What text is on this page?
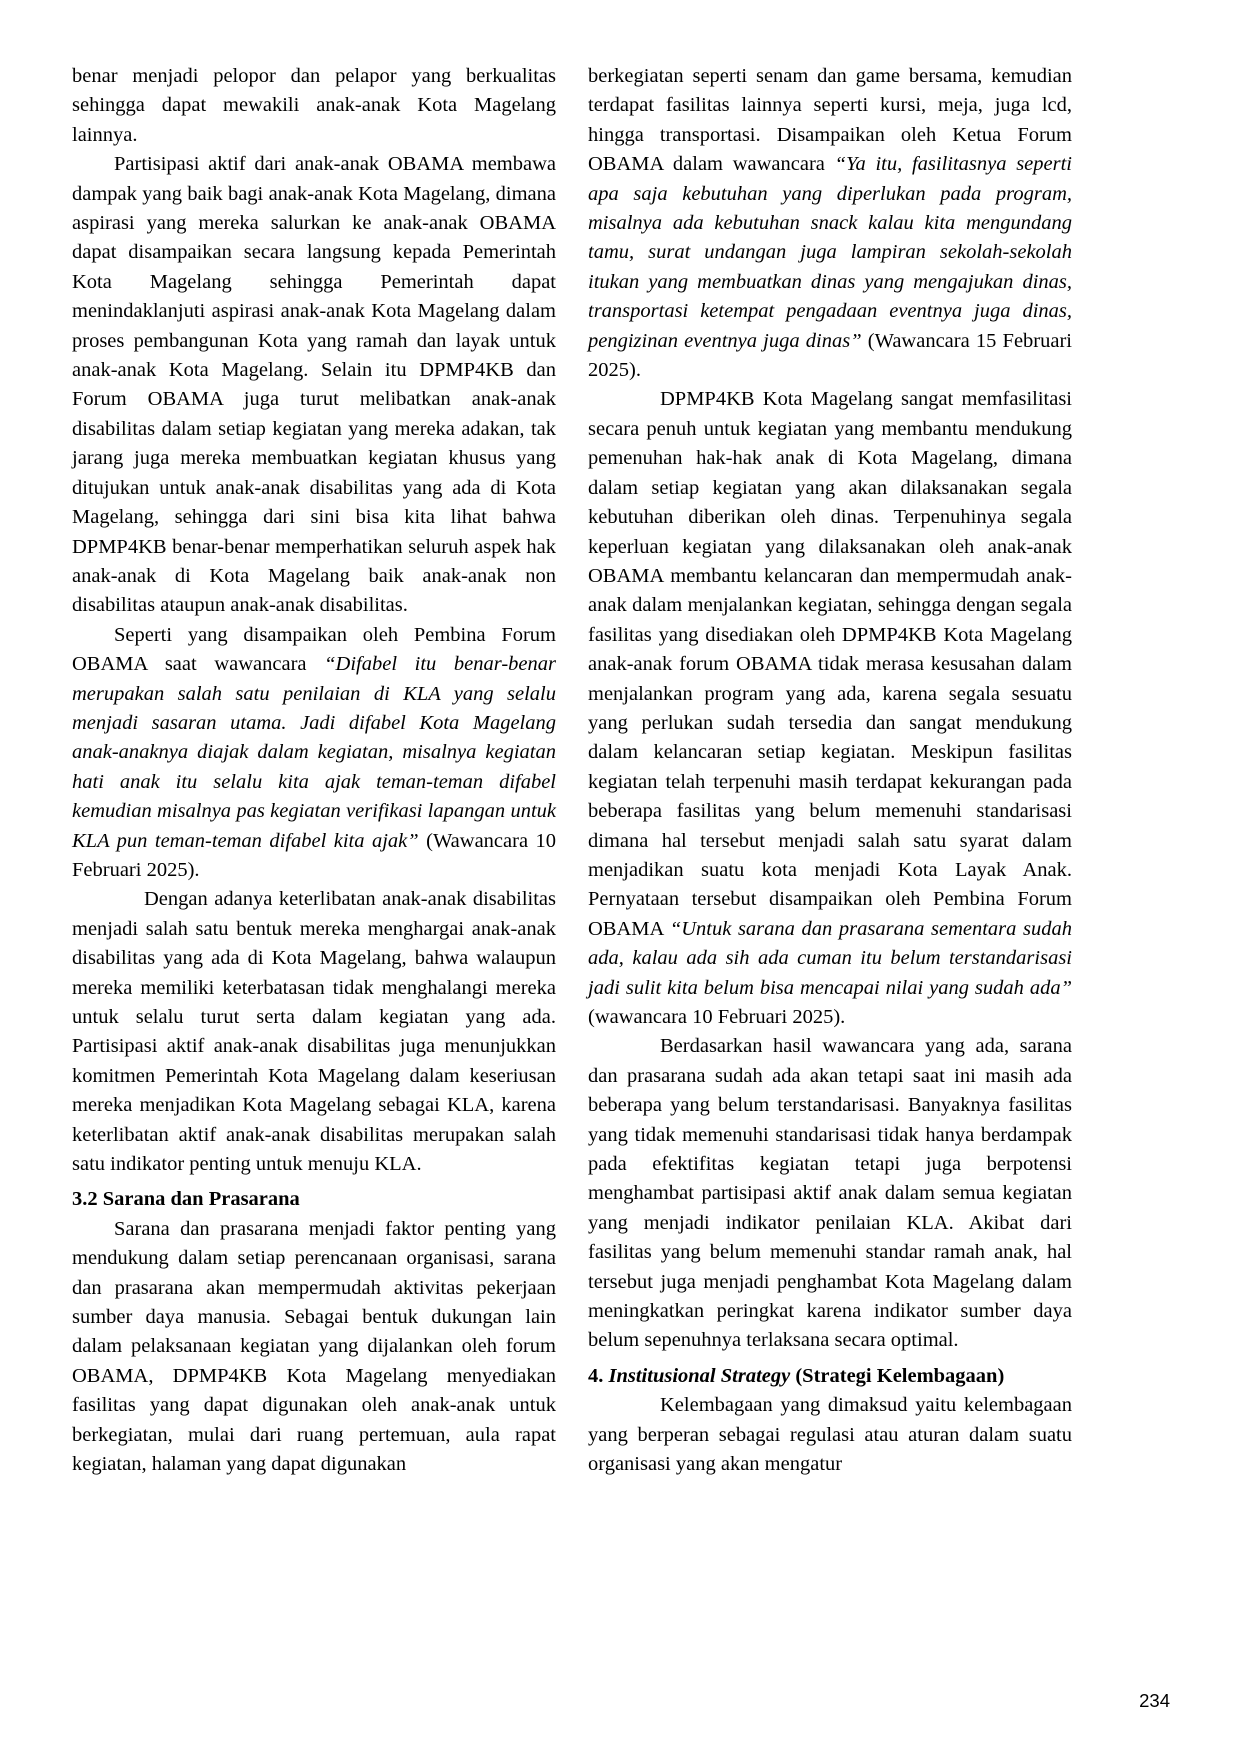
benar menjadi pelopor dan pelapor yang berkualitas sehingga dapat mewakili anak-anak Kota Magelang lainnya.

Partisipasi aktif dari anak-anak OBAMA membawa dampak yang baik bagi anak-anak Kota Magelang, dimana aspirasi yang mereka salurkan ke anak-anak OBAMA dapat disampaikan secara langsung kepada Pemerintah Kota Magelang sehingga Pemerintah dapat menindaklanjuti aspirasi anak-anak Kota Magelang dalam proses pembangunan Kota yang ramah dan layak untuk anak-anak Kota Magelang. Selain itu DPMP4KB dan Forum OBAMA juga turut melibatkan anak-anak disabilitas dalam setiap kegiatan yang mereka adakan, tak jarang juga mereka membuatkan kegiatan khusus yang ditujukan untuk anak-anak disabilitas yang ada di Kota Magelang, sehingga dari sini bisa kita lihat bahwa DPMP4KB benar-benar memperhatikan seluruh aspek hak anak-anak di Kota Magelang baik anak-anak non disabilitas ataupun anak-anak disabilitas.

Seperti yang disampaikan oleh Pembina Forum OBAMA saat wawancara “Difabel itu benar-benar merupakan salah satu penilaian di KLA yang selalu menjadi sasaran utama. Jadi difabel Kota Magelang anak-anaknya diajak dalam kegiatan, misalnya kegiatan hati anak itu selalu kita ajak teman-teman difabel kemudian misalnya pas kegiatan verifikasi lapangan untuk KLA pun teman-teman difabel kita ajak” (Wawancara 10 Februari 2025).

Dengan adanya keterlibatan anak-anak disabilitas menjadi salah satu bentuk mereka menghargai anak-anak disabilitas yang ada di Kota Magelang, bahwa walaupun mereka memiliki keterbatasan tidak menghalangi mereka untuk selalu turut serta dalam kegiatan yang ada. Partisipasi aktif anak-anak disabilitas juga menunjukkan komitmen Pemerintah Kota Magelang dalam keseriusan mereka menjadikan Kota Magelang sebagai KLA, karena keterlibatan aktif anak-anak disabilitas merupakan salah satu indikator penting untuk menuju KLA.

3.2 Sarana dan Prasarana

Sarana dan prasarana menjadi faktor penting yang mendukung dalam setiap perencanaan organisasi, sarana dan prasarana akan mempermudah aktivitas pekerjaan sumber daya manusia. Sebagai bentuk dukungan lain dalam pelaksanaan kegiatan yang dijalankan oleh forum OBAMA, DPMP4KB Kota Magelang menyediakan fasilitas yang dapat digunakan oleh anak-anak untuk berkegiatan, mulai dari ruang pertemuan, aula rapat kegiatan, halaman yang dapat digunakan

berkegiatan seperti senam dan game bersama, kemudian terdapat fasilitas lainnya seperti kursi, meja, juga lcd, hingga transportasi. Disampaikan oleh Ketua Forum OBAMA dalam wawancara “Ya itu, fasilitasnya seperti apa saja kebutuhan yang diperlukan pada program, misalnya ada kebutuhan snack kalau kita mengundang tamu, surat undangan juga lampiran sekolah-sekolah itukan yang membuatkan dinas yang mengajukan dinas, transportasi ketempat pengadaan eventnya juga dinas, pengizinan eventnya juga dinas” (Wawancara 15 Februari 2025).

DPMP4KB Kota Magelang sangat memfasilitasi secara penuh untuk kegiatan yang membantu mendukung pemenuhan hak-hak anak di Kota Magelang, dimana dalam setiap kegiatan yang akan dilaksanakan segala kebutuhan diberikan oleh dinas. Terpenuhinya segala keperluan kegiatan yang dilaksanakan oleh anak-anak OBAMA membantu kelancaran dan mempermudah anak-anak dalam menjalankan kegiatan, sehingga dengan segala fasilitas yang disediakan oleh DPMP4KB Kota Magelang anak-anak forum OBAMA tidak merasa kesusahan dalam menjalankan program yang ada, karena segala sesuatu yang perlukan sudah tersedia dan sangat mendukung dalam kelancaran setiap kegiatan. Meskipun fasilitas kegiatan telah terpenuhi masih terdapat kekurangan pada beberapa fasilitas yang belum memenuhi standarisasi dimana hal tersebut menjadi salah satu syarat dalam menjadikan suatu kota menjadi Kota Layak Anak. Pernyataan tersebut disampaikan oleh Pembina Forum OBAMA “Untuk sarana dan prasarana sementara sudah ada, kalau ada sih ada cuman itu belum terstandarisasi jadi sulit kita belum bisa mencapai nilai yang sudah ada” (wawancara 10 Februari 2025).

Berdasarkan hasil wawancara yang ada, sarana dan prasarana sudah ada akan tetapi saat ini masih ada beberapa yang belum terstandarisasi. Banyaknya fasilitas yang tidak memenuhi standarisasi tidak hanya berdampak pada efektifitas kegiatan tetapi juga berpotensi menghambat partisipasi aktif anak dalam semua kegiatan yang menjadi indikator penilaian KLA. Akibat dari fasilitas yang belum memenuhi standar ramah anak, hal tersebut juga menjadi penghambat Kota Magelang dalam meningkatkan peringkat karena indikator sumber daya belum sepenuhnya terlaksana secara optimal.

4. Institusional Strategy (Strategi Kelembagaan)

Kelembagaan yang dimaksud yaitu kelembagaan yang berperan sebagai regulasi atau aturan dalam suatu organisasi yang akan mengatur

234
